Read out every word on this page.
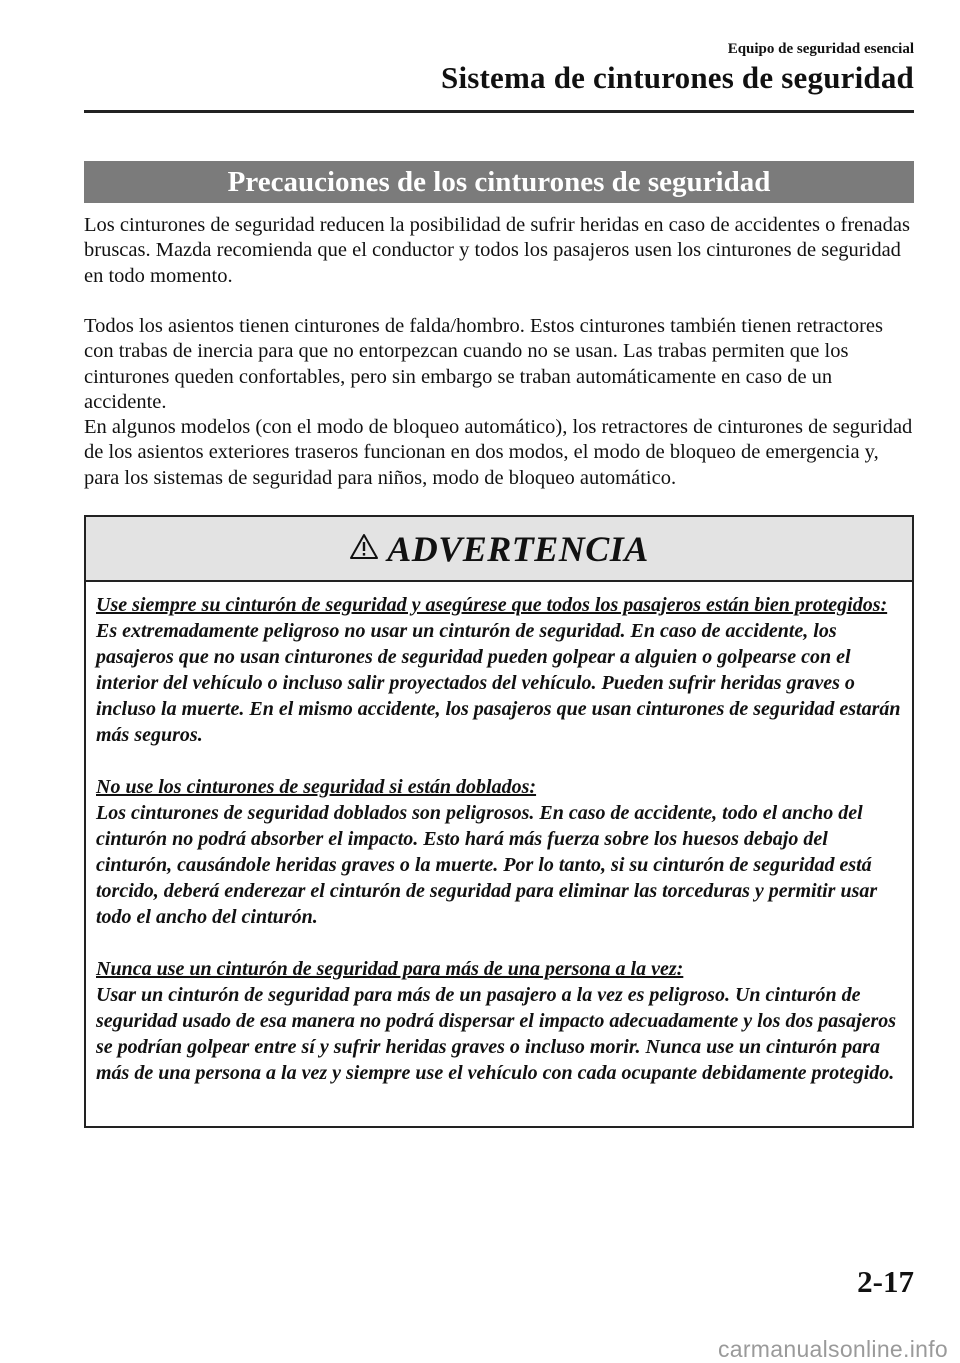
Equipo de seguridad esencial
Sistema de cinturones de seguridad
Precauciones de los cinturones de seguridad

Los cinturones de seguridad reducen la posibilidad de sufrir heridas en caso de accidentes o frenadas bruscas. Mazda recomienda que el conductor y todos los pasajeros usen los cinturones de seguridad en todo momento.

Todos los asientos tienen cinturones de falda/hombro. Estos cinturones también tienen retractores con trabas de inercia para que no entorpezcan cuando no se usan. Las trabas permiten que los cinturones queden confortables, pero sin embargo se traban automáticamente en caso de un accidente.

En algunos modelos (con el modo de bloqueo automático), los retractores de cinturones de seguridad de los asientos exteriores traseros funcionan en dos modos, el modo de bloqueo de emergencia y, para los sistemas de seguridad para niños, modo de bloqueo automático.

ADVERTENCIA
Use siempre su cinturón de seguridad y asegúrese que todos los pasajeros están bien protegidos:
Es extremadamente peligroso no usar un cinturón de seguridad. En caso de accidente, los pasajeros que no usan cinturones de seguridad pueden golpear a alguien o golpearse con el interior del vehículo o incluso salir proyectados del vehículo. Pueden sufrir heridas graves o incluso la muerte. En el mismo accidente, los pasajeros que usan cinturones de seguridad estarán más seguros.
No use los cinturones de seguridad si están doblados:
Los cinturones de seguridad doblados son peligrosos. En caso de accidente, todo el ancho del cinturón no podrá absorber el impacto. Esto hará más fuerza sobre los huesos debajo del cinturón, causándole heridas graves o la muerte. Por lo tanto, si su cinturón de seguridad está torcido, deberá enderezar el cinturón de seguridad para eliminar las torceduras y permitir usar todo el ancho del cinturón.
Nunca use un cinturón de seguridad para más de una persona a la vez:
Usar un cinturón de seguridad para más de un pasajero a la vez es peligroso. Un cinturón de seguridad usado de esa manera no podrá dispersar el impacto adecuadamente y los dos pasajeros se podrían golpear entre sí y sufrir heridas graves o incluso morir. Nunca use un cinturón para más de una persona a la vez y siempre use el vehículo con cada ocupante debidamente protegido.
2-17
carmanualsonline.info
